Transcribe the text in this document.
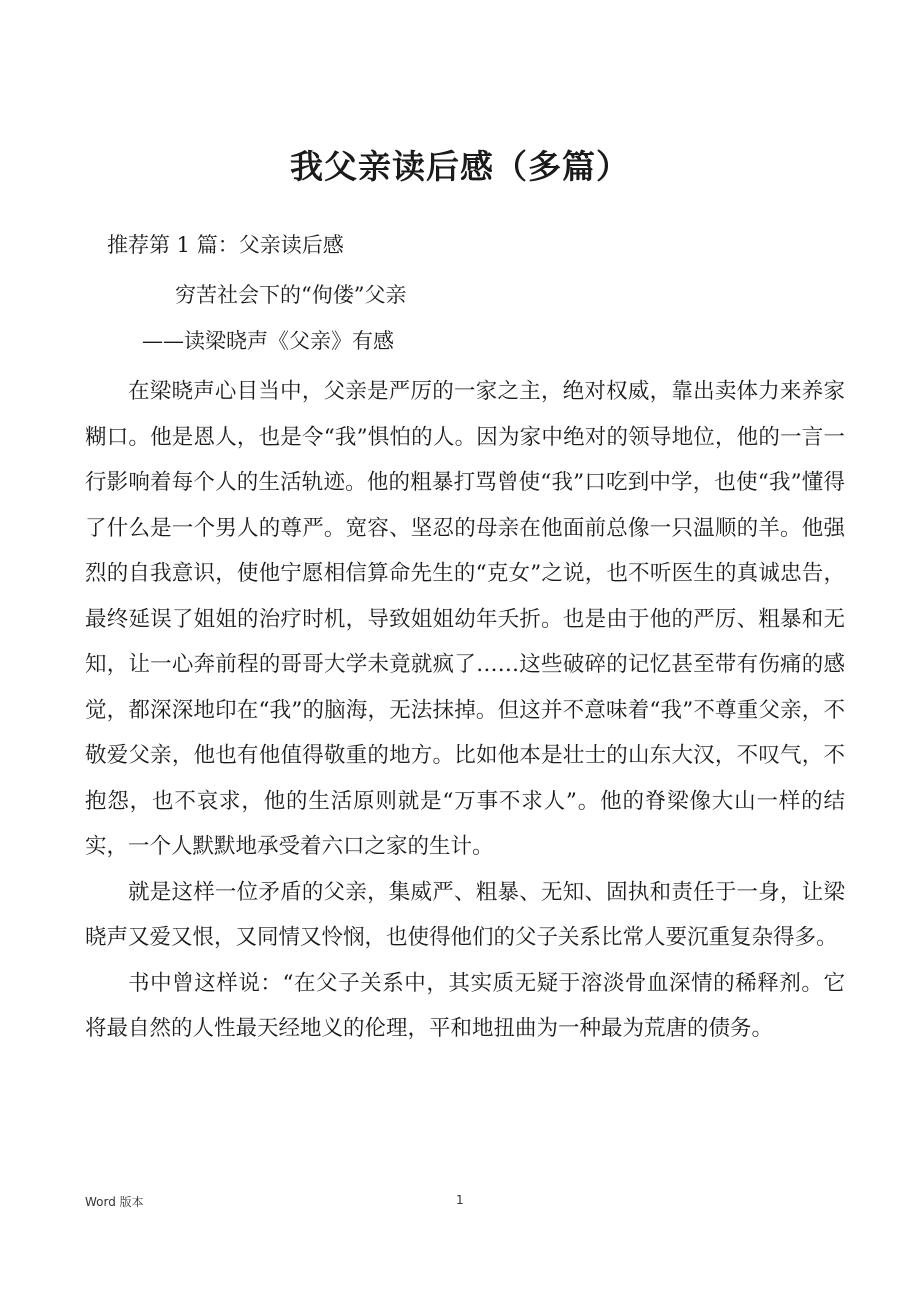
我父亲读后感（多篇）

推荐第 1 篇：父亲读后感

穷苦社会下的“佝偻”父亲

——读梁晓声《父亲》有感

在梁晓声心目当中，父亲是严厉的一家之主，绝对权威，靠出卖体力来养家糊口。他是恩人，也是令“我”惧怕的人。因为家中绝对的领导地位，他的一言一行影响着每个人的生活轨迹。他的粗暴打骂曾使“我”口吃到中学，也使“我”懂得了什么是一个男人的尊严。宽容、坚忍的母亲在他面前总像一只温顺的羊。他强烈的自我意识，使他宁愿相信算命先生的“克女”之说，也不听医生的真诚忠告，最终延误了姐姐的治疗时机，导致姐姐幼年夭折。也是由于他的严厉、粗暴和无知，让一心奔前程的哥哥大学未竟就疯了……这些破碎的记忆甚至带有伤痛的感觉，都深深地印在“我”的脑海，无法抹掉。但这并不意味着“我”不尊重父亲，不敬爱父亲，他也有他值得敬重的地方。比如他本是壮士的山东大汉，不叹气，不抱怨，也不哀求，他的生活原则就是“万事不求人”。他的脊梁像大山一样的结实，一个人默默地承受着六口之家的生计。

就是这样一位矛盾的父亲，集威严、粗暴、无知、固执和责任于一身，让梁晓声又爱又恨，又同情又怜悯，也使得他们的父子关系比常人要沉重复杂得多。

书中曾这样说：“在父子关系中，其实质无疑于溶淡骨血深情的稀释剂。它将最自然的人性最天经地义的伦理，平和地扭曲为一种最为荒唐的债务。

Word 版本	1
